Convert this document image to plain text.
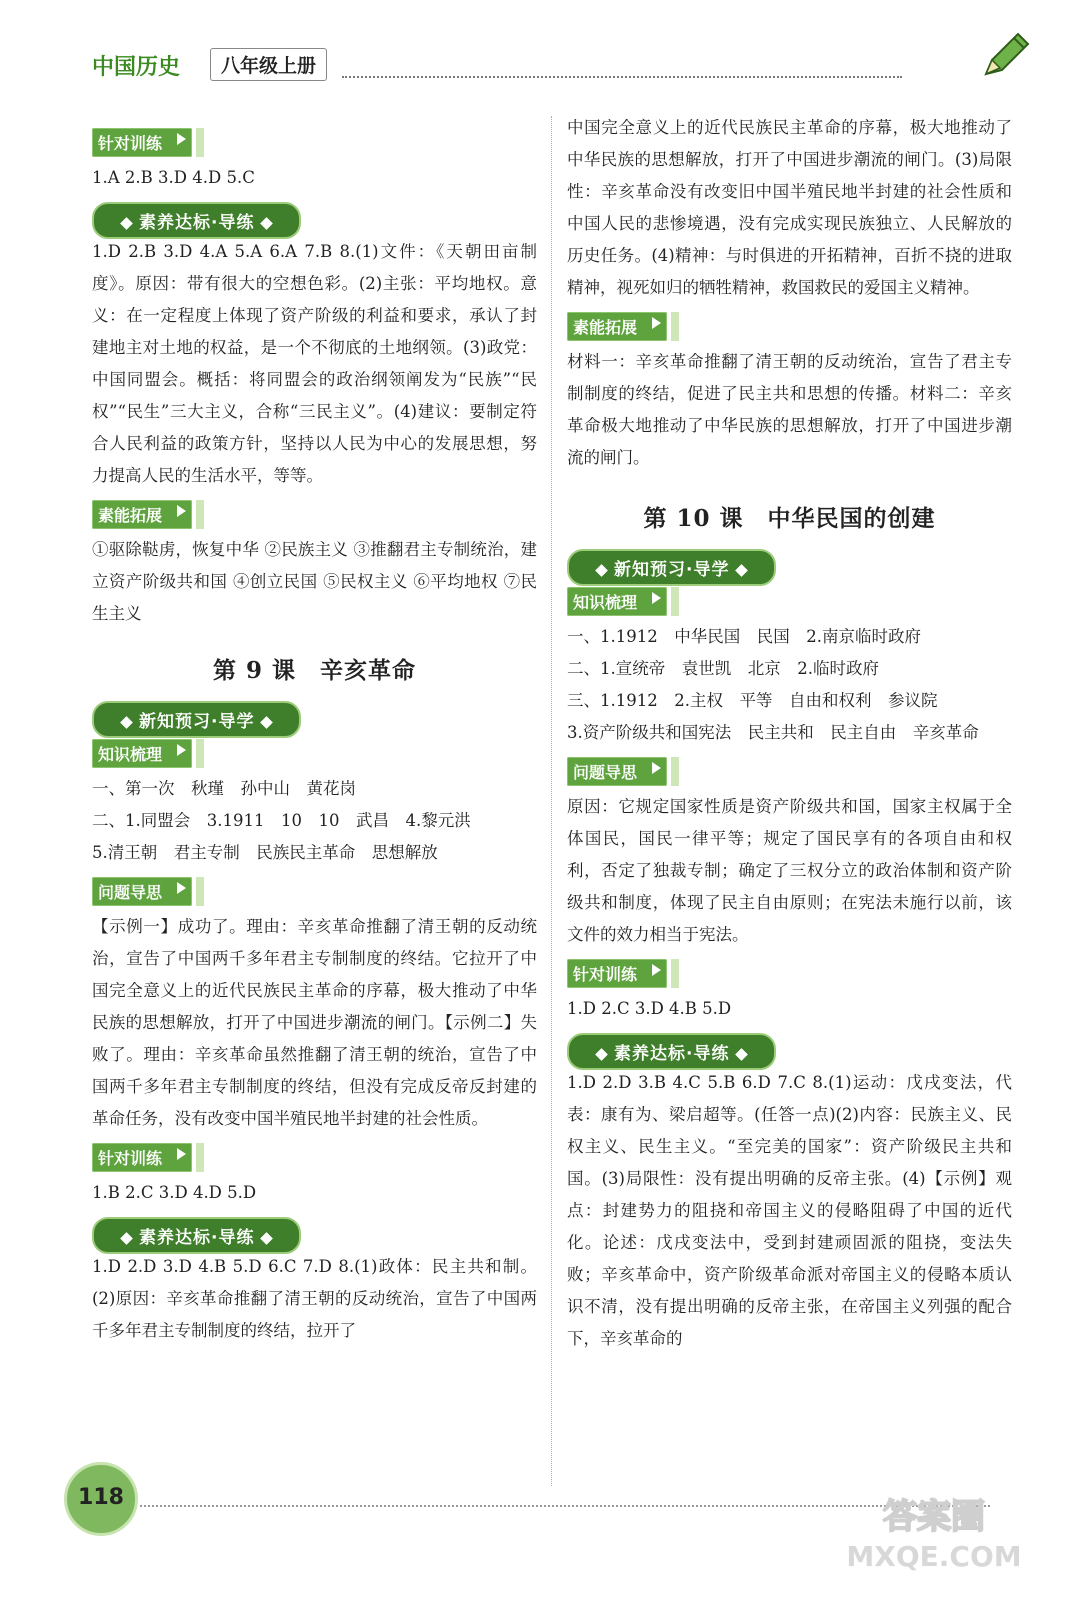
中国历史	八年级上册
针对训练

1.A 2.B 3.D 4.D 5.C

素养达标·导练

1.D 2.B 3.D 4.A 5.A 6.A 7.B 8.(1)文件：《天朝田亩制度》。原因：带有很大的空想色彩。(2)主张：平均地权。意义：在一定程度上体现了资产阶级的利益和要求，承认了封建地主对土地的权益，是一个不彻底的土地纲领。(3)政党：中国同盟会。概括：将同盟会的政治纲领阐发为“民族”“民权”“民生”三大主义，合称“三民主义”。(4)建议：要制定符合人民利益的政策方针，坚持以人民为中心的发展思想，努力提高人民的生活水平，等等。

素能拓展

①驱除鞑虏，恢复中华 ②民族主义 ③推翻君主专制统治，建立资产阶级共和国 ④创立民国 ⑤民权主义 ⑥平均地权 ⑦民生主义

第 9 课　辛亥革命
新知预习·导学
知识梳理

一、第一次　秋瑾　孙中山　黄花岗

二、1.同盟会　3.1911　10　10　武昌　4.黎元洪

5.清王朝　君主专制　民族民主革命　思想解放

问题导思

【示例一】成功了。理由：辛亥革命推翻了清王朝的反动统治，宣告了中国两千多年君主专制制度的终结。它拉开了中国完全意义上的近代民族民主革命的序幕，极大推动了中华民族的思想解放，打开了中国进步潮流的闸门。【示例二】失败了。理由：辛亥革命虽然推翻了清王朝的统治，宣告了中国两千多年君主专制制度的终结，但没有完成反帝反封建的革命任务，没有改变中国半殖民地半封建的社会性质。

针对训练

1.B 2.C 3.D 4.D 5.D

素养达标·导练

1.D 2.D 3.D 4.B 5.D 6.C 7.D 8.(1)政体：民主共和制。(2)原因：辛亥革命推翻了清王朝的反动统治，宣告了中国两千多年君主专制制度的终结，拉开了

中国完全意义上的近代民族民主革命的序幕，极大地推动了中华民族的思想解放，打开了中国进步潮流的闸门。(3)局限性：辛亥革命没有改变旧中国半殖民地半封建的社会性质和中国人民的悲惨境遇，没有完成实现民族独立、人民解放的历史任务。(4)精神：与时俱进的开拓精神，百折不挠的进取精神，视死如归的牺牲精神，救国救民的爱国主义精神。

素能拓展

材料一：辛亥革命推翻了清王朝的反动统治，宣告了君主专制制度的终结，促进了民主共和思想的传播。材料二：辛亥革命极大地推动了中华民族的思想解放，打开了中国进步潮流的闸门。

第 10 课　中华民国的创建
新知预习·导学
知识梳理

一、1.1912　中华民国　民国　2.南京临时政府

二、1.宣统帝　袁世凯　北京　2.临时政府

三、1.1912　2.主权　平等　自由和权利　参议院

3.资产阶级共和国宪法　民主共和　民主自由　辛亥革命

问题导思

原因：它规定国家性质是资产阶级共和国，国家主权属于全体国民，国民一律平等；规定了国民享有的各项自由和权利，否定了独裁专制；确定了三权分立的政治体制和资产阶级共和制度，体现了民主自由原则；在宪法未施行以前，该文件的效力相当于宪法。

针对训练

1.D 2.C 3.D 4.B 5.D

素养达标·导练

1.D 2.D 3.B 4.C 5.B 6.D 7.C 8.(1)运动：戊戌变法，代表：康有为、梁启超等。(任答一点)(2)内容：民族主义、民权主义、民生主义。“至完美的国家”：资产阶级民主共和国。(3)局限性：没有提出明确的反帝主张。(4)【示例】观点：封建势力的阻挠和帝国主义的侵略阻碍了中国的近代化。论述：戊戌变法中，受到封建顽固派的阻挠，变法失败；辛亥革命中，资产阶级革命派对帝国主义的侵略本质认识不清，没有提出明确的反帝主张，在帝国主义列强的配合下，辛亥革命的

118	答案圈
MXQE.COM
